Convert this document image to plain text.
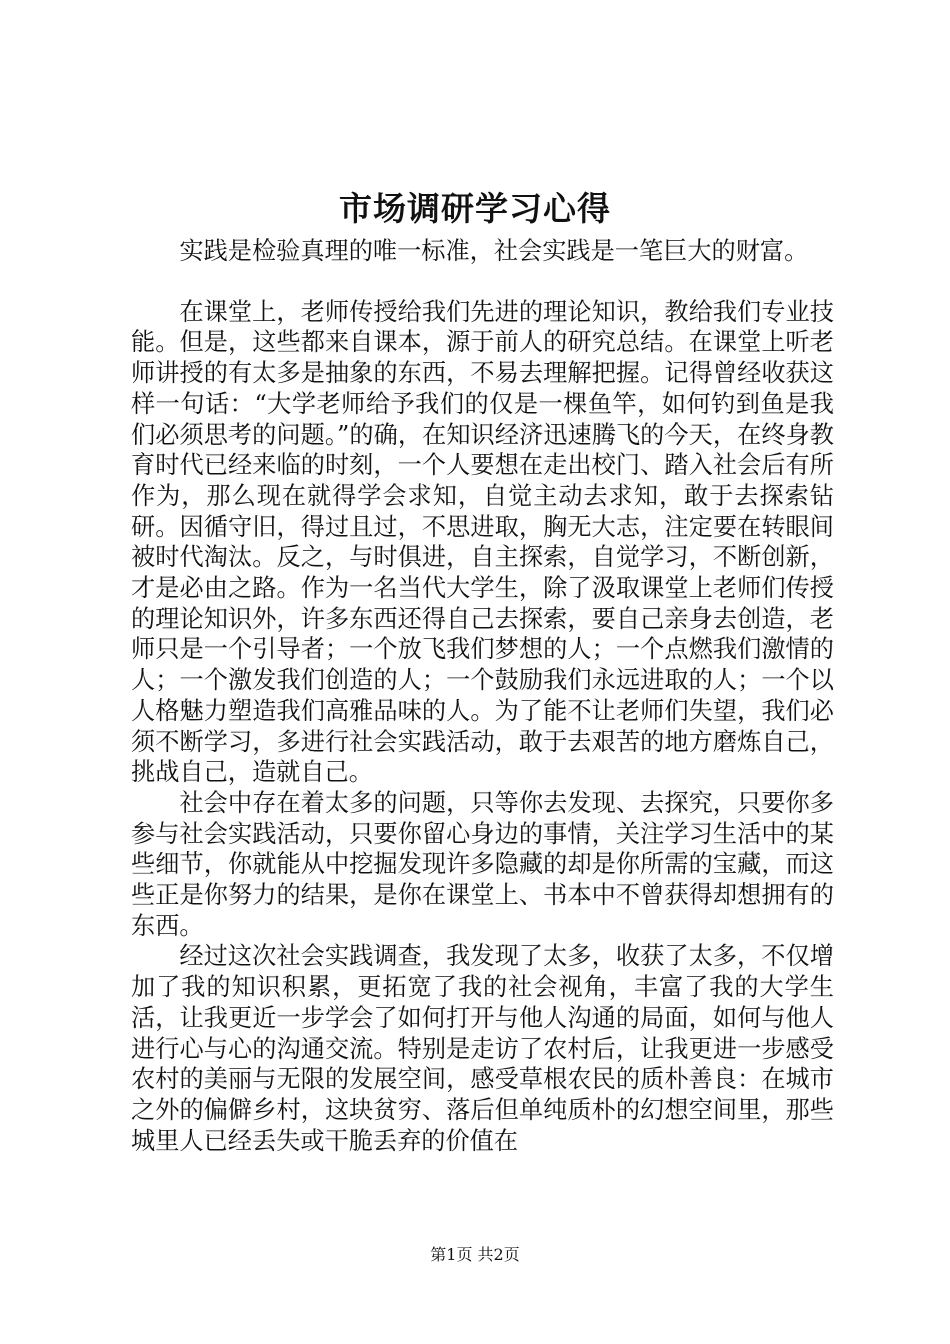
市场调研学习心得

实践是检验真理的唯一标准，社会实践是一笔巨大的财富。

在课堂上，老师传授给我们先进的理论知识，教给我们专业技能。但是，这些都来自课本，源于前人的研究总结。在课堂上听老师讲授的有太多是抽象的东西，不易去理解把握。记得曾经收获这样一句话：“大学老师给予我们的仅是一棵鱼竿，如何钓到鱼是我们必须思考的问题。”的确，在知识经济迅速腾飞的今天，在终身教育时代已经来临的时刻，一个人要想在走出校门、踏入社会后有所作为，那么现在就得学会求知，自觉主动去求知，敢于去探索钻研。因循守旧，得过且过，不思进取，胸无大志，注定要在转眼间被时代淘汰。反之，与时俱进，自主探索，自觉学习，不断创新，才是必由之路。作为一名当代大学生，除了汲取课堂上老师们传授的理论知识外，许多东西还得自己去探索，要自己亲身去创造，老师只是一个引导者；一个放飞我们梦想的人；一个点燃我们激情的人；一个激发我们创造的人；一个鼓励我们永远进取的人；一个以人格魅力塑造我们高雅品味的人。为了能不让老师们失望，我们必须不断学习，多进行社会实践活动，敢于去艰苦的地方磨炼自己，挑战自己，造就自己。

社会中存在着太多的问题，只等你去发现、去探究，只要你多参与社会实践活动，只要你留心身边的事情，关注学习生活中的某些细节，你就能从中挖掘发现许多隐藏的却是你所需的宝藏，而这些正是你努力的结果，是你在课堂上、书本中不曾获得却想拥有的东西。

经过这次社会实践调查，我发现了太多，收获了太多，不仅增加了我的知识积累，更拓宽了我的社会视角，丰富了我的大学生活，让我更近一步学会了如何打开与他人沟通的局面，如何与他人进行心与心的沟通交流。特别是走访了农村后，让我更进一步感受农村的美丽与无限的发展空间，感受草根农民的质朴善良：在城市之外的偏僻乡村，这块贫穷、落后但单纯质朴的幻想空间里，那些城里人已经丢失或干脆丢弃的价值在

第1页 共2页
